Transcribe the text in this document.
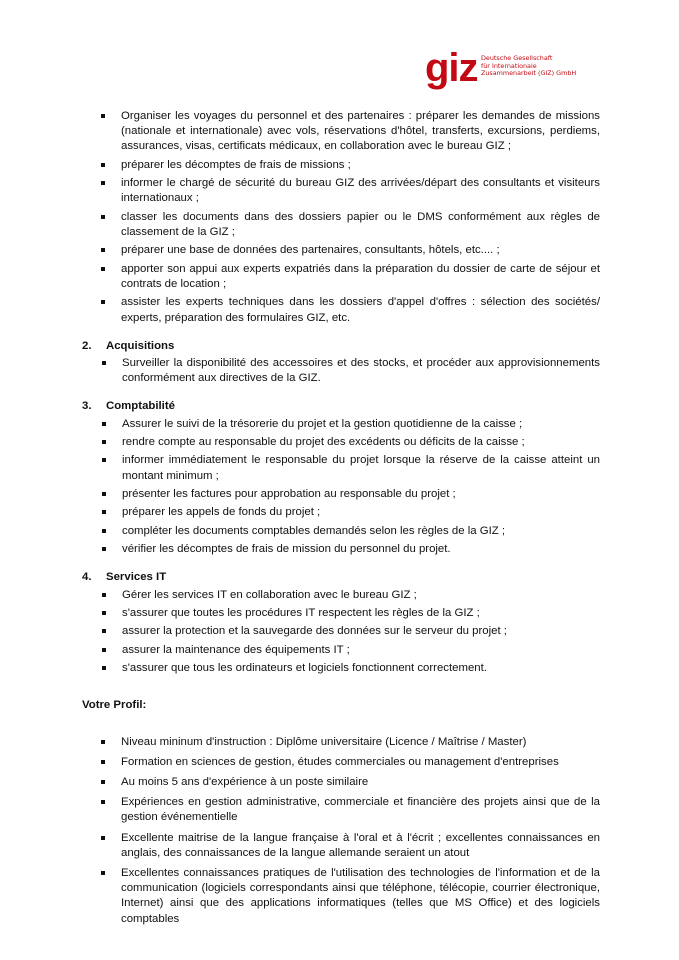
giz Deutsche Gesellschaft
für Internationale
Zusammenarbeit (GIZ) GmbH
Organiser les voyages du personnel et des partenaires : préparer les demandes de missions (nationale et internationale) avec vols, réservations d'hôtel, transferts, excursions, perdiems, assurances, visas, certificats médicaux, en collaboration avec le bureau GIZ ;
préparer les décomptes de frais de missions ;
informer le chargé de sécurité du bureau GIZ des arrivées/départ des consultants et visiteurs internationaux ;
classer les documents dans des dossiers papier ou le DMS conformément aux règles de classement de la GIZ ;
préparer une base de données des partenaires, consultants, hôtels, etc.... ;
apporter son appui aux experts expatriés dans la préparation du dossier de carte de séjour et contrats de location ;
assister les experts techniques dans les dossiers d'appel d'offres : sélection des sociétés/ experts, préparation des formulaires GIZ, etc.
2.	Acquisitions
Surveiller la disponibilité des accessoires et des stocks, et procéder aux approvisionnements conformément aux directives de la GIZ.
3.	Comptabilité
Assurer le suivi de la trésorerie du projet et la gestion quotidienne de la caisse ;
rendre compte au responsable du projet des excédents ou déficits de la caisse ;
informer immédiatement le responsable du projet lorsque la réserve de la caisse atteint un montant minimum ;
présenter les factures pour approbation au responsable du projet ;
préparer les appels de fonds du projet ;
compléter les documents comptables demandés selon les règles de la GIZ ;
vérifier les décomptes de frais de mission du personnel du projet.
4.	Services IT
Gérer les services IT en collaboration avec le bureau GIZ ;
s'assurer que toutes les procédures IT respectent les règles de la GIZ ;
assurer la protection et la sauvegarde des données sur le serveur du projet ;
assurer la maintenance des équipements IT ;
s'assurer que tous les ordinateurs et logiciels fonctionnent correctement.
Votre Profil:
Niveau mininum d'instruction : Diplôme universitaire (Licence / Maîtrise / Master)
Formation en sciences de gestion, études commerciales ou management d'entreprises
Au moins 5 ans d'expérience à un poste similaire
Expériences en gestion administrative, commerciale et financière des projets ainsi que de la gestion événementielle
Excellente maitrise de la langue française à l'oral et à l'écrit ; excellentes connaissances en anglais, des connaissances de la langue allemande seraient un atout
Excellentes connaissances pratiques de l'utilisation des technologies de l'information et de la communication (logiciels correspondants ainsi que téléphone, télécopie, courrier électronique, Internet) ainsi que des applications informatiques (telles que MS Office) et des logiciels comptables
